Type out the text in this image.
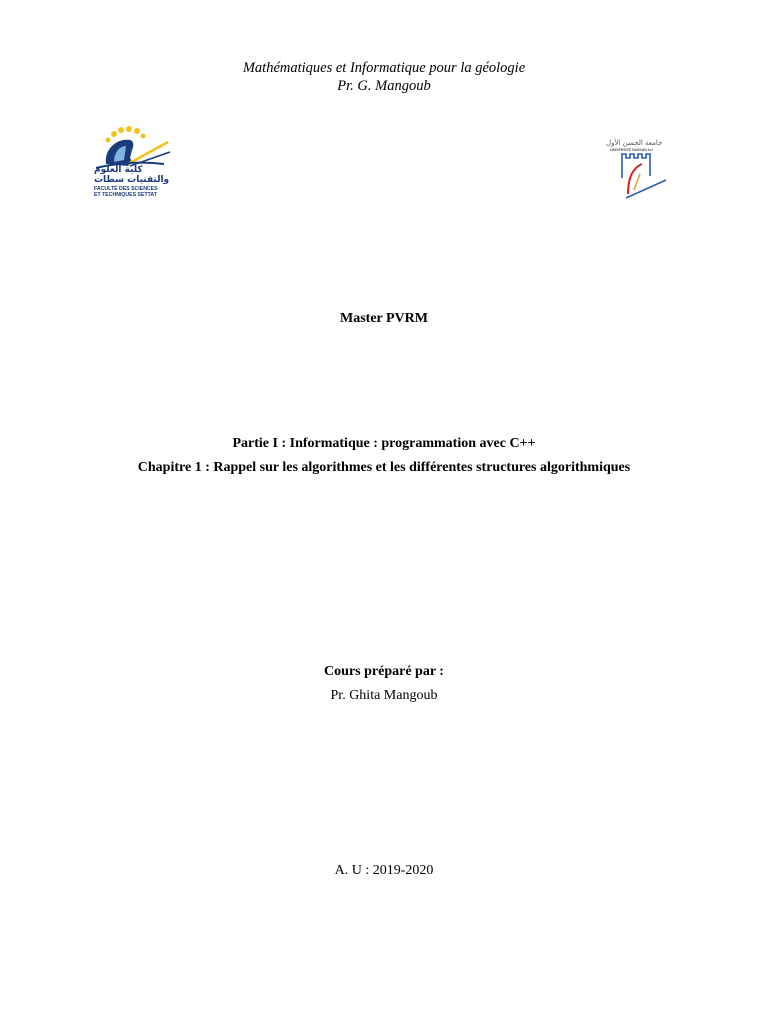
Mathématiques et Informatique pour la géologie
Pr. G. Mangoub
كلية العلوم
والتقنيات سطات
FACULTÉ DES SCIENCES
ET TECHNIQUES SETTAT
جامعة الحسن الأول
UNIVERSITÉ HASSAN 1er
Master PVRM
Partie I : Informatique : programmation avec C++
Chapitre 1 : Rappel sur les algorithmes et les différentes structures algorithmiques
Cours préparé par :
Pr. Ghita Mangoub
A. U : 2019-2020
